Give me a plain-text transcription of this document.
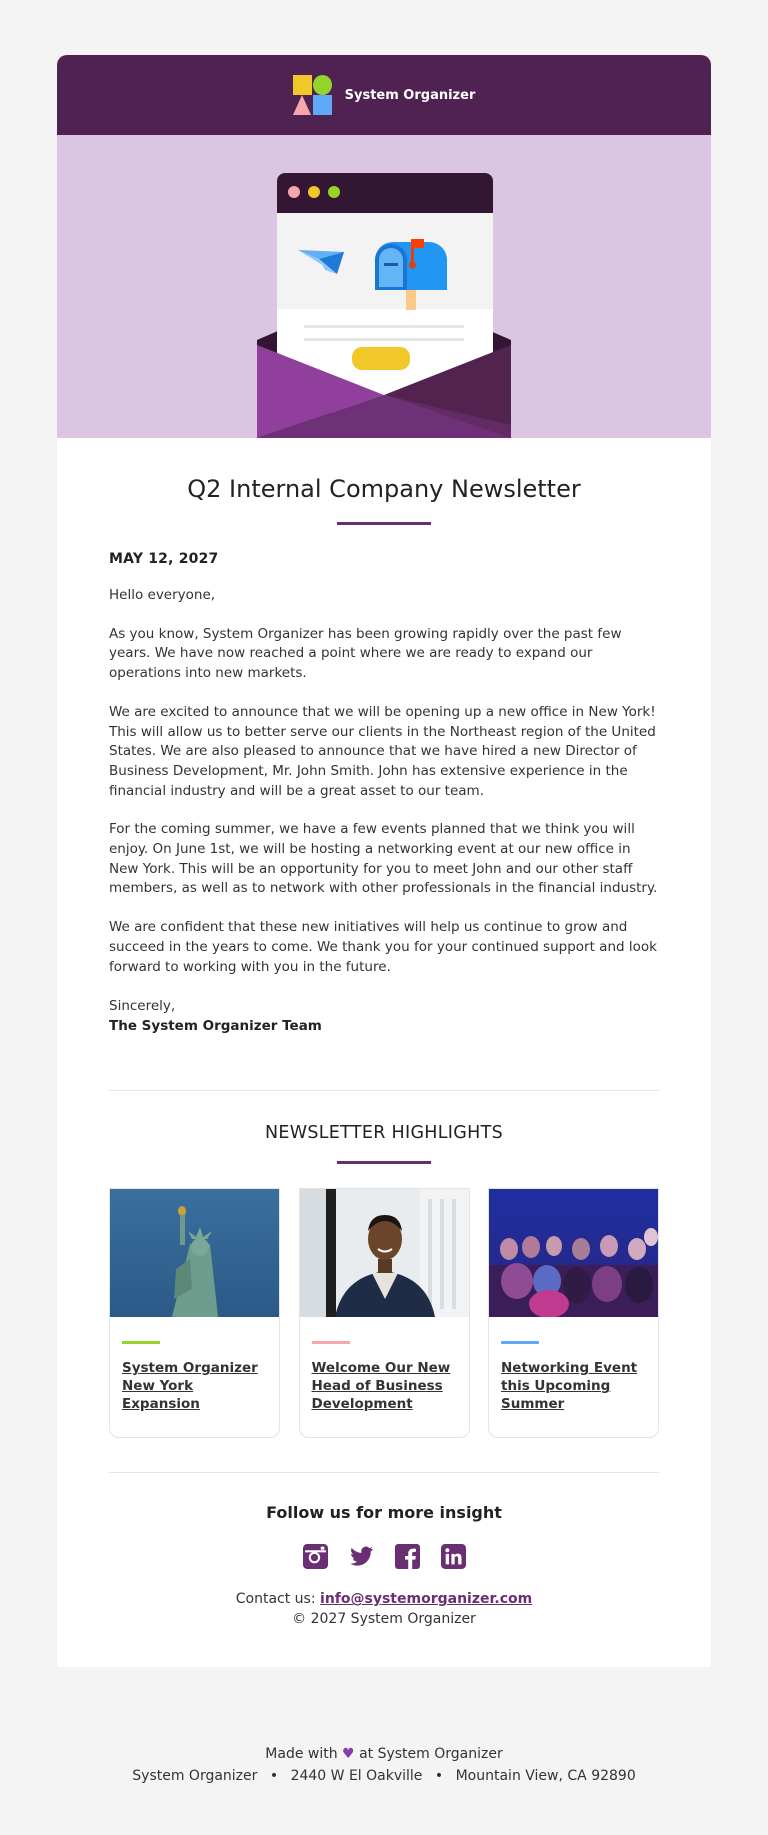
System Organizer
Q2 Internal Company Newsletter
MAY 12, 2027

Hello everyone,

As you know, System Organizer has been growing rapidly over the past few years. We have now reached a point where we are ready to expand our operations into new markets.

We are excited to announce that we will be opening up a new office in New York! This will allow us to better serve our clients in the Northeast region of the United States. We are also pleased to announce that we have hired a new Director of Business Development, Mr. John Smith. John has extensive experience in the financial industry and will be a great asset to our team.

For the coming summer, we have a few events planned that we think you will enjoy. On June 1st, we will be hosting a networking event at our new office in New York. This will be an opportunity for you to meet John and our other staff members, as well as to network with other professionals in the financial industry.

We are confident that these new initiatives will help us continue to grow and succeed in the years to come. We thank you for your continued support and look forward to working with you in the future.

Sincerely,
The System Organizer Team
NEWSLETTER HIGHLIGHTS
System Organizer New York Expansion
Welcome Our New Head of Business Development
Networking Event this Upcoming Summer
Follow us for more insight
Contact us: info@systemorganizer.com
© 2027 System Organizer
Made with ♥ at System Organizer
System Organizer • 2440 W El Oakville • Mountain View, CA 92890
